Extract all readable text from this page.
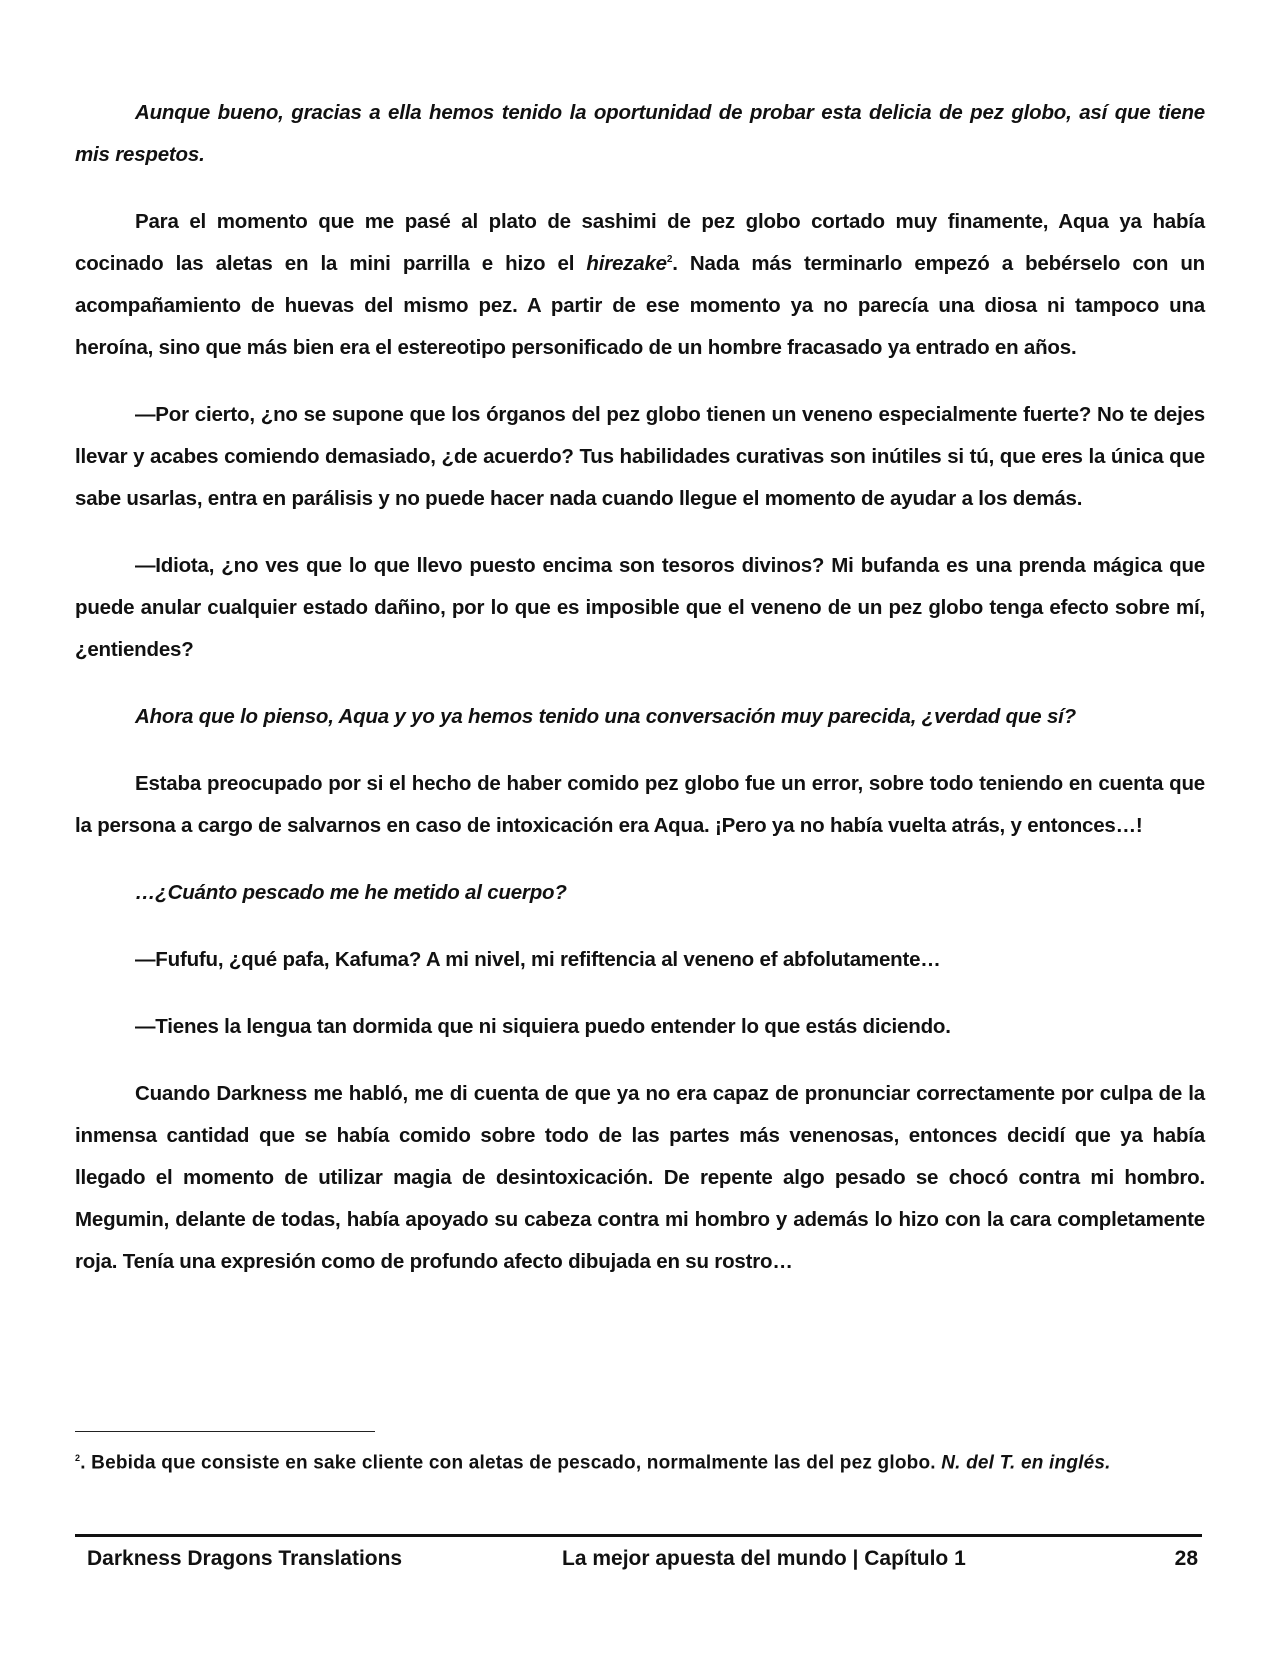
Aunque bueno, gracias a ella hemos tenido la oportunidad de probar esta delicia de pez globo, así que tiene mis respetos.

Para el momento que me pasé al plato de sashimi de pez globo cortado muy finamente, Aqua ya había cocinado las aletas en la mini parrilla e hizo el hirezake$^2$. Nada más terminarlo empezó a bebérselo con un acompañamiento de huevas del mismo pez. A partir de ese momento ya no parecía una diosa ni tampoco una heroína, sino que más bien era el estereotipo personificado de un hombre fracasado ya entrado en años.

—Por cierto, ¿no se supone que los órganos del pez globo tienen un veneno especialmente fuerte? No te dejes llevar y acabes comiendo demasiado, ¿de acuerdo? Tus habilidades curativas son inútiles si tú, que eres la única que sabe usarlas, entra en parálisis y no puede hacer nada cuando llegue el momento de ayudar a los demás.

—Idiota, ¿no ves que lo que llevo puesto encima son tesoros divinos? Mi bufanda es una prenda mágica que puede anular cualquier estado dañino, por lo que es imposible que el veneno de un pez globo tenga efecto sobre mí, ¿entiendes?

Ahora que lo pienso, Aqua y yo ya hemos tenido una conversación muy parecida, ¿verdad que sí?

Estaba preocupado por si el hecho de haber comido pez globo fue un error, sobre todo teniendo en cuenta que la persona a cargo de salvarnos en caso de intoxicación era Aqua. ¡Pero ya no había vuelta atrás, y entonces…!

…¿Cuánto pescado me he metido al cuerpo?

—Fufufu, ¿qué pafa, Kafuma? A mi nivel, mi refiftencia al veneno ef abfolutamente…

—Tienes la lengua tan dormida que ni siquiera puedo entender lo que estás diciendo.

Cuando Darkness me habló, me di cuenta de que ya no era capaz de pronunciar correctamente por culpa de la inmensa cantidad que se había comido sobre todo de las partes más venenosas, entonces decidí que ya había llegado el momento de utilizar magia de desintoxicación. De repente algo pesado se chocó contra mi hombro. Megumin, delante de todas, había apoyado su cabeza contra mi hombro y además lo hizo con la cara completamente roja. Tenía una expresión como de profundo afecto dibujada en su rostro…

$^2$. Bebida que consiste en sake cliente con aletas de pescado, normalmente las del pez globo. N. del T. en inglés.
Darkness Dragons Translations	La mejor apuesta del mundo | Capítulo 1	28
